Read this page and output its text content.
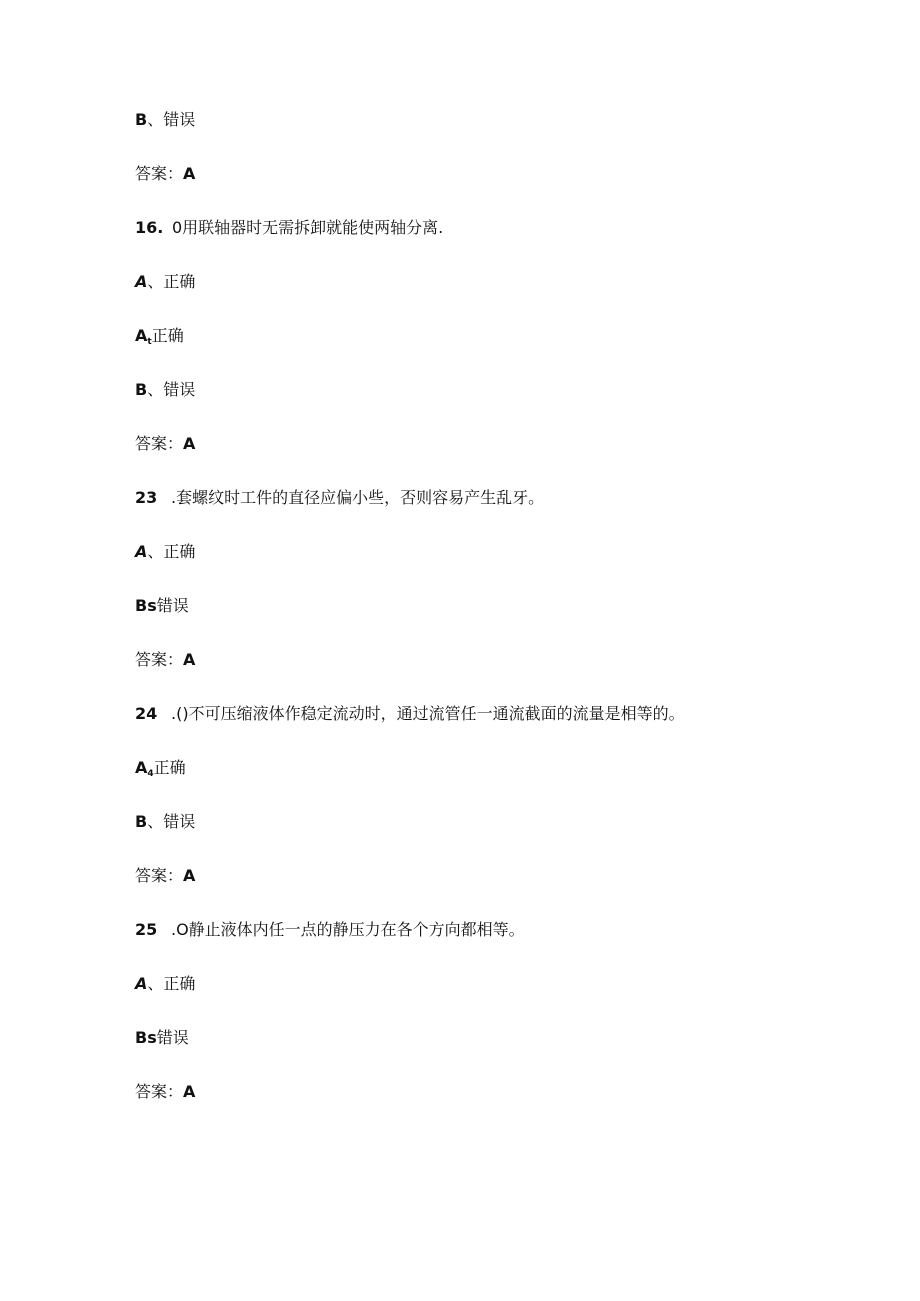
B、错误
答案：A
16. 0用联轴器时无需拆卸就能使两轴分离.
A、正确
$A_t$正确
B、错误
答案：A
23 .套螺纹时工件的直径应偏小些，否则容易产生乱牙。
A、正确
Bs错误
答案：A
24 .()不可压缩液体作稳定流动时，通过流管任一通流截面的流量是相等的。
$A_4$正确
B、错误
答案：A
25 .O静止液体内任一点的静压力在各个方向都相等。
A、正确
Bs错误
答案：A
